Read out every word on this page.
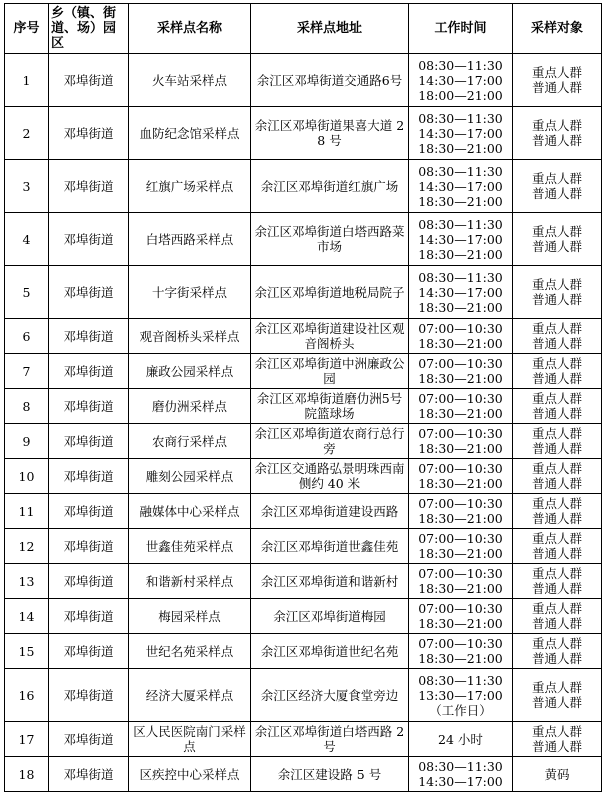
序号	乡（镇、街道、场）园区	采样点名称	采样点地址	工作时间	采样对象
1	邓埠街道	火车站采样点	余江区邓埠街道交通路6号	08:30—11:30
14:30—17:00
18:00—21:00	重点人群
普通人群
2	邓埠街道	血防纪念馆采样点	余江区邓埠街道果喜大道 28 号	08:30—11:30
14:30—17:00
18:30—21:00	重点人群
普通人群
3	邓埠街道	红旗广场采样点	余江区邓埠街道红旗广场	08:30—11:30
14:30—17:00
18:30—21:00	重点人群
普通人群
4	邓埠街道	白塔西路采样点	余江区邓埠街道白塔西路菜市场	08:30—11:30
14:30—17:00
18:30—21:00	重点人群
普通人群
5	邓埠街道	十字街采样点	余江区邓埠街道地税局院子	08:30—11:30
14:30—17:00
18:30—21:00	重点人群
普通人群
6	邓埠街道	观音阁桥头采样点	余江区邓埠街道建设社区观音阁桥头	07:00—10:30
18:30—21:00	重点人群
普通人群
7	邓埠街道	廉政公园采样点	余江区邓埠街道中洲廉政公园	07:00—10:30
18:30—21:00	重点人群
普通人群
8	邓埠街道	磨仂洲采样点	余江区邓埠街道磨仂洲5号院篮球场	07:00—10:30
18:30—21:00	重点人群
普通人群
9	邓埠街道	农商行采样点	余江区邓埠街道农商行总行旁	07:00—10:30
18:30—21:00	重点人群
普通人群
10	邓埠街道	雕刻公园采样点	余江区交通路弘景明珠西南侧约 40 米	07:00—10:30
18:30—21:00	重点人群
普通人群
11	邓埠街道	融媒体中心采样点	余江区邓埠街道建设西路	07:00—10:30
18:30—21:00	重点人群
普通人群
12	邓埠街道	世鑫佳苑采样点	余江区邓埠街道世鑫佳苑	07:00—10:30
18:30—21:00	重点人群
普通人群
13	邓埠街道	和谐新村采样点	余江区邓埠街道和谐新村	07:00—10:30
18:30—21:00	重点人群
普通人群
14	邓埠街道	梅园采样点	余江区邓埠街道梅园	07:00—10:30
18:30—21:00	重点人群
普通人群
15	邓埠街道	世纪名苑采样点	余江区邓埠街道世纪名苑	07:00—10:30
18:30—21:00	重点人群
普通人群
16	邓埠街道	经济大厦采样点	余江区经济大厦食堂旁边	08:30—11:30
13:30—17:00
（工作日）	重点人群
普通人群
17	邓埠街道	区人民医院南门采样点	余江区邓埠街道白塔西路 2 号	24 小时	重点人群
普通人群
18	邓埠街道	区疾控中心采样点	余江区建设路 5 号	08:30—11:30
14:30—17:00	黄码
